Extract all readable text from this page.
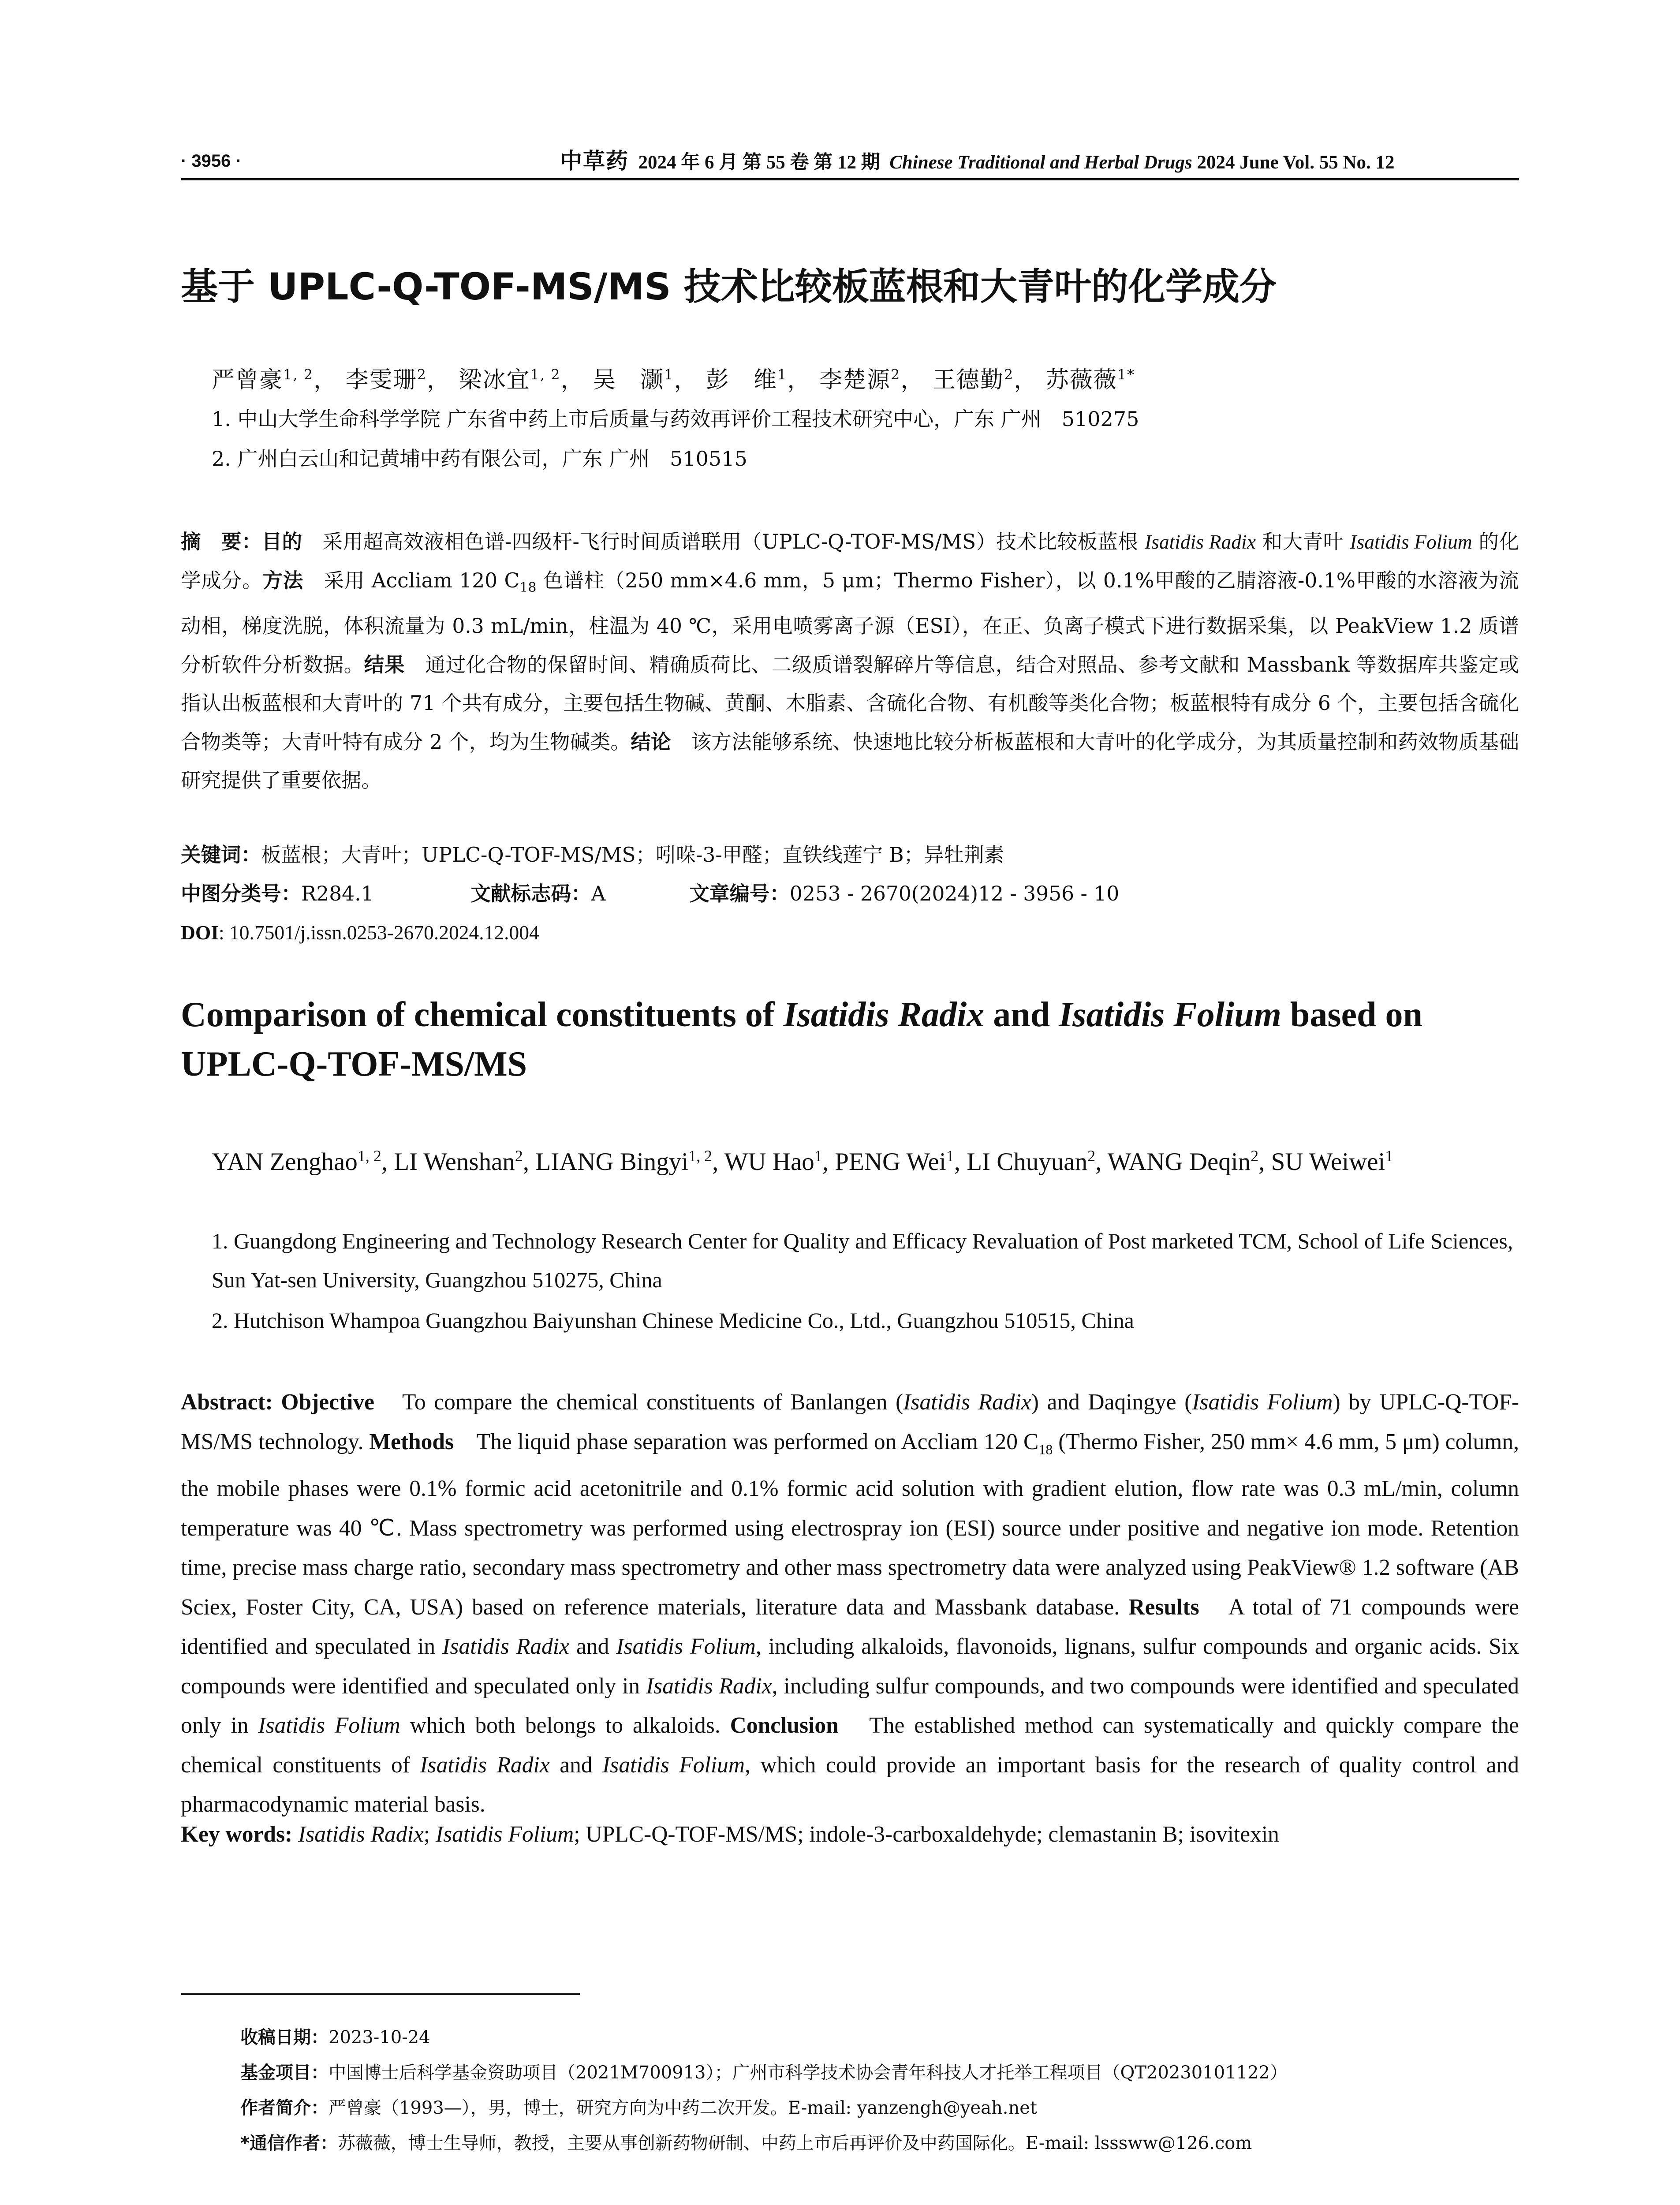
· 3956 ·	中草药 2024 年 6 月 第 55 卷 第 12 期 Chinese Traditional and Herbal Drugs 2024 June Vol. 55 No. 12
基于 UPLC-Q-TOF-MS/MS 技术比较板蓝根和大青叶的化学成分
严曾豪$^{1, 2}$， 李雯珊$^2$， 梁冰宜$^{1, 2}$， 吴　灏$^1$， 彭　维$^1$， 李楚源$^2$， 王德勤$^2$， 苏薇薇$^{1*}$
1. 中山大学生命科学学院 广东省中药上市后质量与药效再评价工程技术研究中心，广东 广州　510275
2. 广州白云山和记黄埔中药有限公司，广东 广州　510515
摘　要：目的　采用超高效液相色谱-四级杆-飞行时间质谱联用（UPLC-Q-TOF-MS/MS）技术比较板蓝根 Isatidis Radix 和大青叶 Isatidis Folium 的化学成分。方法　采用 Accliam 120 $C_{18}$ 色谱柱（250 mm×4.6 mm，5 μm；Thermo Fisher），以 0.1%甲酸的乙腈溶液-0.1%甲酸的水溶液为流动相，梯度洗脱，体积流量为 0.3 mL/min，柱温为 40 ℃，采用电喷雾离子源（ESI），在正、负离子模式下进行数据采集，以 PeakView 1.2 质谱分析软件分析数据。结果　通过化合物的保留时间、精确质荷比、二级质谱裂解碎片等信息，结合对照品、参考文献和 Massbank 等数据库共鉴定或指认出板蓝根和大青叶的 71 个共有成分，主要包括生物碱、黄酮、木脂素、含硫化合物、有机酸等类化合物；板蓝根特有成分 6 个，主要包括含硫化合物类等；大青叶特有成分 2 个，均为生物碱类。结论　该方法能够系统、快速地比较分析板蓝根和大青叶的化学成分，为其质量控制和药效物质基础研究提供了重要依据。
关键词：板蓝根；大青叶；UPLC-Q-TOF-MS/MS；吲哚-3-甲醛；直铁线莲宁 B；异牡荆素
中图分类号：R284.1	文献标志码：A	文章编号：0253 - 2670(2024)12 - 3956 - 10
DOI: 10.7501/j.issn.0253-2670.2024.12.004
Comparison of chemical constituents of Isatidis Radix and Isatidis Folium based on UPLC-Q-TOF-MS/MS
YAN Zenghao$^{1, 2}$, LI Wenshan$^2$, LIANG Bingyi$^{1, 2}$, WU Hao$^1$, PENG Wei$^1$, LI Chuyuan$^2$, WANG Deqin$^2$, SU Weiwei$^1$
1. Guangdong Engineering and Technology Research Center for Quality and Efficacy Revaluation of Post marketed TCM, School of Life Sciences, Sun Yat-sen University, Guangzhou 510275, China
2. Hutchison Whampoa Guangzhou Baiyunshan Chinese Medicine Co., Ltd., Guangzhou 510515, China
Abstract: Objective　To compare the chemical constituents of Banlangen (Isatidis Radix) and Daqingye (Isatidis Folium) by UPLC-Q-TOF-MS/MS technology. Methods　The liquid phase separation was performed on Accliam 120 $C_{18}$ (Thermo Fisher, 250 mm× 4.6 mm, 5 μm) column, the mobile phases were 0.1% formic acid acetonitrile and 0.1% formic acid solution with gradient elution, flow rate was 0.3 mL/min, column temperature was 40 ℃. Mass spectrometry was performed using electrospray ion (ESI) source under positive and negative ion mode. Retention time, precise mass charge ratio, secondary mass spectrometry and other mass spectrometry data were analyzed using PeakView® 1.2 software (AB Sciex, Foster City, CA, USA) based on reference materials, literature data and Massbank database. Results　A total of 71 compounds were identified and speculated in Isatidis Radix and Isatidis Folium, including alkaloids, flavonoids, lignans, sulfur compounds and organic acids. Six compounds were identified and speculated only in Isatidis Radix, including sulfur compounds, and two compounds were identified and speculated only in Isatidis Folium which both belongs to alkaloids. Conclusion　The established method can systematically and quickly compare the chemical constituents of Isatidis Radix and Isatidis Folium, which could provide an important basis for the research of quality control and pharmacodynamic material basis.
Key words: Isatidis Radix; Isatidis Folium; UPLC-Q-TOF-MS/MS; indole-3-carboxaldehyde; clemastanin B; isovitexin
收稿日期：2023-10-24
基金项目：中国博士后科学基金资助项目（2021M700913）；广州市科学技术协会青年科技人才托举工程项目（QT20230101122）
作者简介：严曾豪（1993—），男，博士，研究方向为中药二次开发。E-mail: yanzengh@yeah.net
*通信作者：苏薇薇，博士生导师，教授，主要从事创新药物研制、中药上市后再评价及中药国际化。E-mail: lsssww@126.com
